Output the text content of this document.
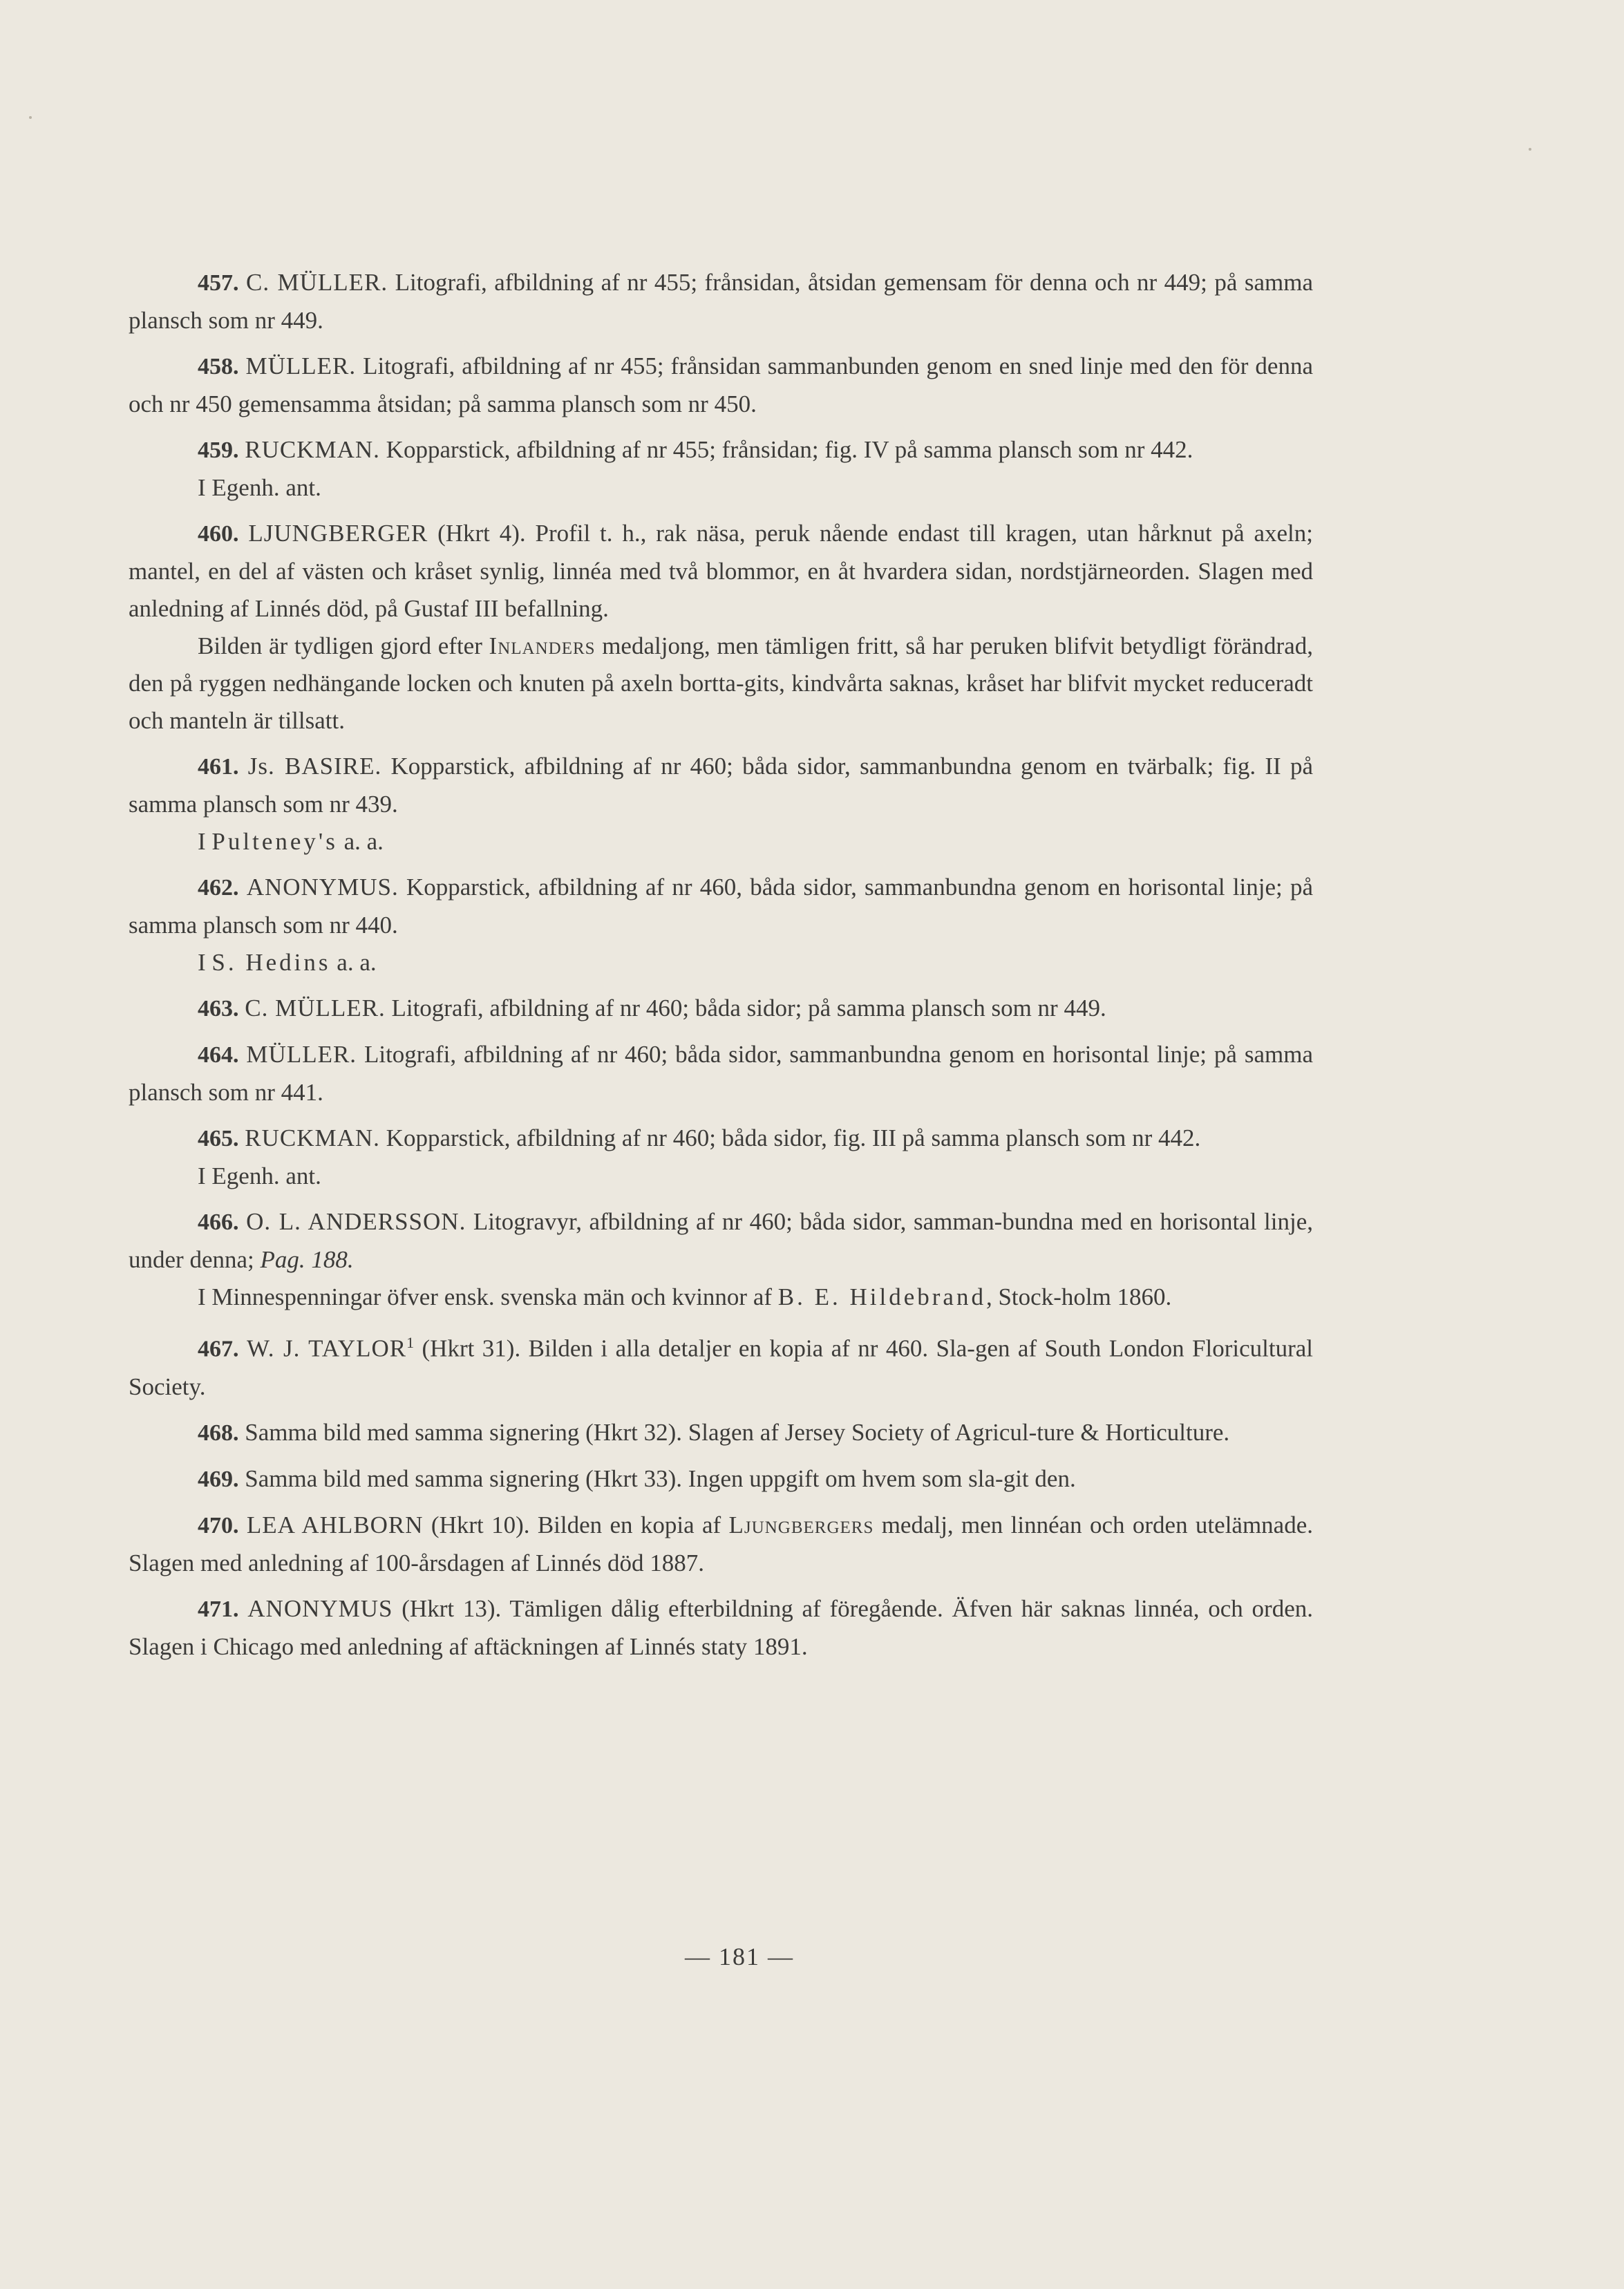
457. C. MÜLLER. Litografi, afbildning af nr 455; frånsidan, åtsidan gemensam för denna och nr 449; på samma plansch som nr 449.

458. MÜLLER. Litografi, afbildning af nr 455; frånsidan sammanbunden genom en sned linje med den för denna och nr 450 gemensamma åtsidan; på samma plansch som nr 450.

459. RUCKMAN. Kopparstick, afbildning af nr 455; frånsidan; fig. IV på samma plansch som nr 442.

I Egenh. ant.

460. LJUNGBERGER (Hkrt 4). Profil t. h., rak näsa, peruk nående endast till kragen, utan hårknut på axeln; mantel, en del af västen och kråset synlig, linnéa med två blommor, en åt hvardera sidan, nordstjärneorden. Slagen med anledning af Linnés död, på Gustaf III befallning.

Bilden är tydligen gjord efter Inlanders medaljong, men tämligen fritt, så har peruken blifvit betydligt förändrad, den på ryggen nedhängande locken och knuten på axeln bortta-gits, kindvårta saknas, kråset har blifvit mycket reduceradt och manteln är tillsatt.

461. Js. BASIRE. Kopparstick, afbildning af nr 460; båda sidor, sammanbundna genom en tvärbalk; fig. II på samma plansch som nr 439.

I Pulteney's a. a.

462. ANONYMUS. Kopparstick, afbildning af nr 460, båda sidor, sammanbundna genom en horisontal linje; på samma plansch som nr 440.

I S. Hedins a. a.

463. C. MÜLLER. Litografi, afbildning af nr 460; båda sidor; på samma plansch som nr 449.

464. MÜLLER. Litografi, afbildning af nr 460; båda sidor, sammanbundna genom en horisontal linje; på samma plansch som nr 441.

465. RUCKMAN. Kopparstick, afbildning af nr 460; båda sidor, fig. III på samma plansch som nr 442.

I Egenh. ant.

466. O. L. ANDERSSON. Litogravyr, afbildning af nr 460; båda sidor, samman-bundna med en horisontal linje, under denna; Pag. 188.

I Minnespenningar öfver ensk. svenska män och kvinnor af B. E. Hildebrand, Stock-holm 1860.

467. W. J. TAYLOR$^1$ (Hkrt 31). Bilden i alla detaljer en kopia af nr 460. Sla-gen af South London Floricultural Society.

468. Samma bild med samma signering (Hkrt 32). Slagen af Jersey Society of Agricul-ture & Horticulture.

469. Samma bild med samma signering (Hkrt 33). Ingen uppgift om hvem som sla-git den.

470. LEA AHLBORN (Hkrt 10). Bilden en kopia af Ljungbergers medalj, men linnéan och orden utelämnade. Slagen med anledning af 100-årsdagen af Linnés död 1887.

471. ANONYMUS (Hkrt 13). Tämligen dålig efterbildning af föregående. Äfven här saknas linnéa, och orden. Slagen i Chicago med anledning af aftäckningen af Linnés staty 1891.

— 181 —
